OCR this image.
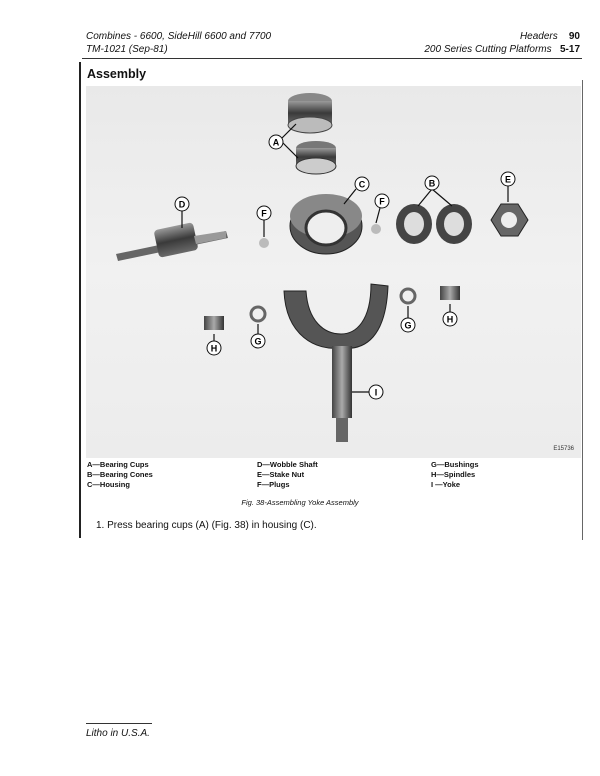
Combines - 6600, SideHill 6600 and 7700
TM-1021 (Sep-81)
Headers 90
200 Series Cutting Platforms 5-17
Assembly
A
C	B	E
D
F
F
H
G
G
H
I
E15736
A—Bearing Cups
B—Bearing Cones
C—Housing
D—Wobble Shaft
E—Stake Nut
F—Plugs
G—Bushings
H—Spindles
I —Yoke
Fig. 38-Assembling Yoke Assembly
1. Press bearing cups (A) (Fig. 38) in housing (C).
Litho in U.S.A.
